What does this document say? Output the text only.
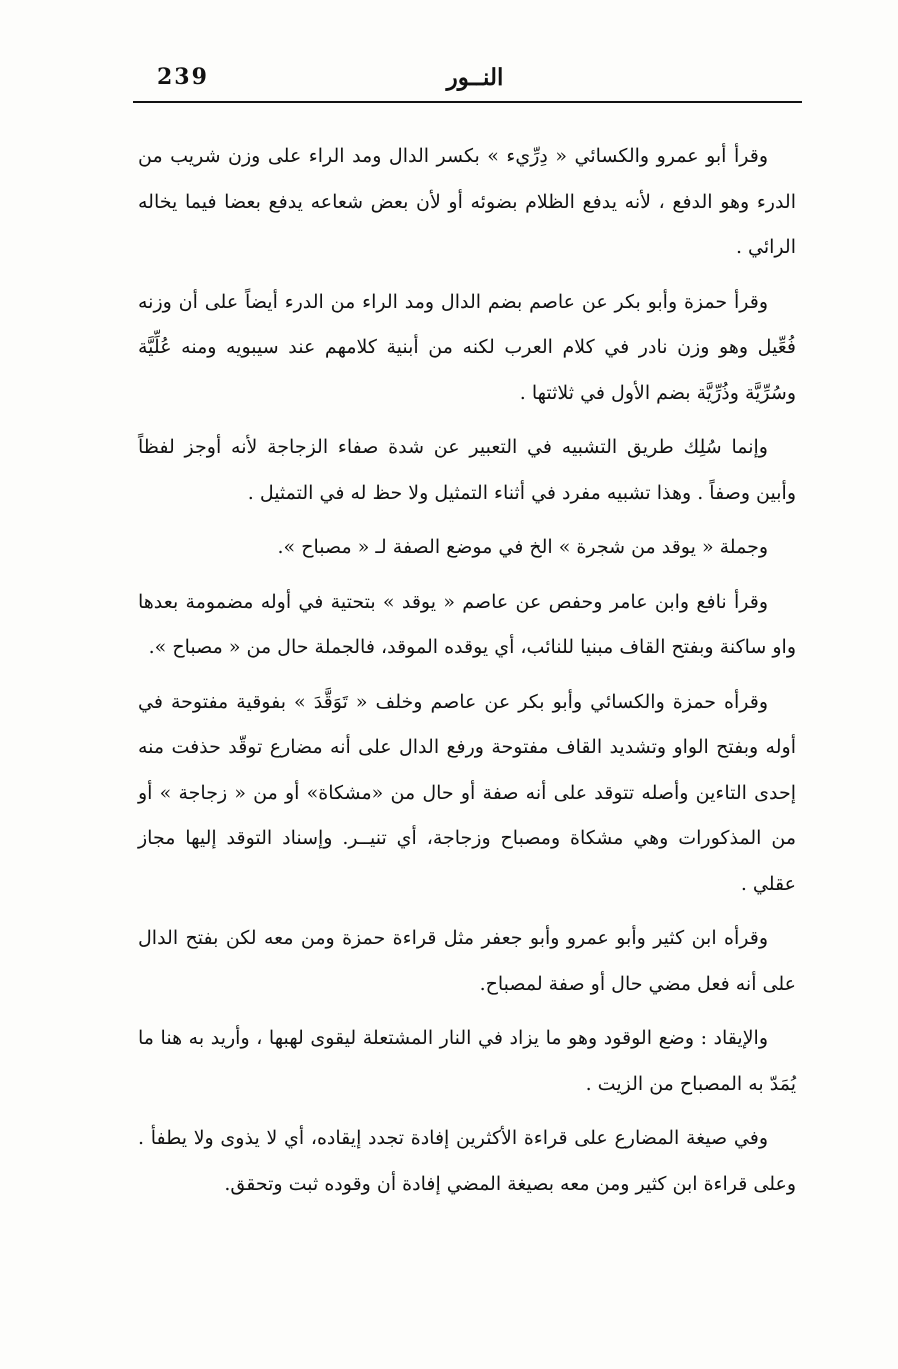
239	النــور

وقرأ أبو عمرو والكسائي « دِرِّيء » بكسر الدال ومد الراء على وزن شريب من الدرء وهو الدفع ، لأنه يدفع الظلام بضوئه أو لأن بعض شعاعه يدفع بعضا فيما يخاله الرائي .

وقرأ حمزة وأبو بكر عن عاصم بضم الدال ومد الراء من الدرء أيضاً على أن وزنه فُعِّيل وهو وزن نادر في كلام العرب لكنه من أبنية كلامهم عند سيبويه ومنه عُلِّيَّة وسُرِّيَّة وذُرِّيَّة بضم الأول في ثلاثتها .

وإنما سُلِك طريق التشبيه في التعبير عن شدة صفاء الزجاجة لأنه أوجز لفظاً وأبين وصفاً . وهذا تشبيه مفرد في أثناء التمثيل ولا حظ له في التمثيل .

وجملة « يوقد من شجرة » الخ في موضع الصفة لـ « مصباح ».

وقرأ نافع وابن عامر وحفص عن عاصم « يوقد » بتحتية في أوله مضمومة بعدها واو ساكنة وبفتح القاف مبنيا للنائب، أي يوقده الموقد، فالجملة حال من « مصباح ».

وقرأه حمزة والكسائي وأبو بكر عن عاصم وخلف « تَوَقَّدَ » بفوقية مفتوحة في أوله وبفتح الواو وتشديد القاف مفتوحة ورفع الدال على أنه مضارع توقّد حذفت منه إحدى التاءين وأصله تتوقد على أنه صفة أو حال من «مشكاة» أو من « زجاجة » أو من المذكورات وهي مشكاة ومصباح وزجاجة، أي تنيــر. وإسناد التوقد إليها مجاز عقلي .

وقرأه ابن كثير وأبو عمرو وأبو جعفر مثل قراءة حمزة ومن معه لكن بفتح الدال على أنه فعل مضي حال أو صفة لمصباح.

والإيقاد : وضع الوقود وهو ما يزاد في النار المشتعلة ليقوى لهبها ، وأريد به هنا ما يُمَدّ به المصباح من الزيت .

وفي صيغة المضارع على قراءة الأكثرين إفادة تجدد إيقاده، أي لا يذوى ولا يطفأ . وعلى قراءة ابن كثير ومن معه بصيغة المضي إفادة أن وقوده ثبت وتحقق.
